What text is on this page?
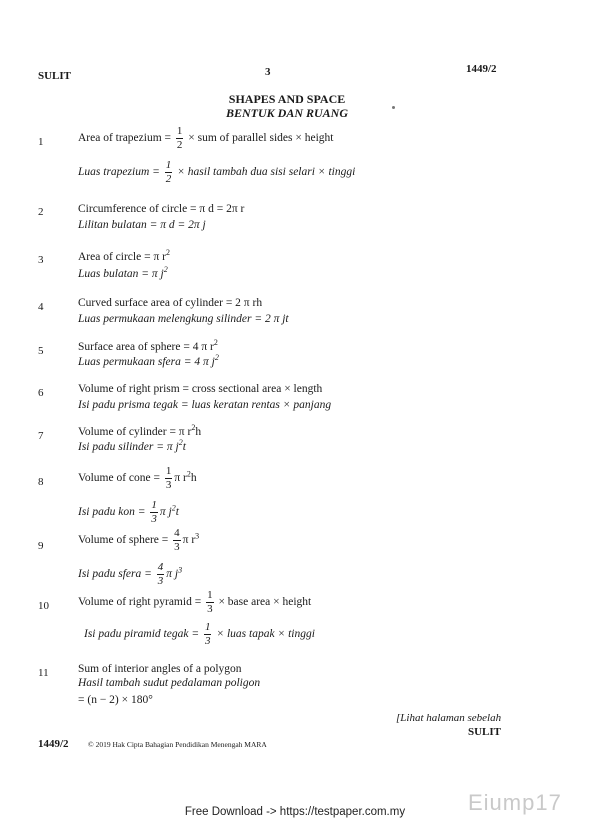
SULIT	3	1449/2
SHAPES AND SPACE
BENTUK DAN RUANG
1	Area of trapezium = $\frac{1}{2}$ × sum of parallel sides × height
Luas trapezium = $\frac{1}{2}$ × hasil tambah dua sisi selari × tinggi
2	Circumference of circle = π d = 2π r
Lilitan bulatan = π d = 2π j
3	Area of circle = π $r^2$
Luas bulatan = π $j^2$
4	Curved surface area of cylinder = 2 π rh
Luas permukaan melengkung silinder = 2 π jt
5	Surface area of sphere = 4 π $r^2$
Luas permukaan sfera = 4 π $j^2$
6	Volume of right prism = cross sectional area × length
Isi padu prisma tegak = luas keratan rentas × panjang
7	Volume of cylinder = π $r^2h$
Isi padu silinder = π $j^2t$
8	Volume of cone = $\frac{1}{3}$ π $r^2h$
Isi padu kon = $\frac{1}{3}$ π $j^2t$
9	Volume of sphere = $\frac{4}{3}$ π $r^3$
Isi padu sfera = $\frac{4}{3}$ π $j^3$
10	Volume of right pyramid = $\frac{1}{3}$ × base area × height
Isi padu piramid tegak = $\frac{1}{3}$ × luas tapak × tinggi
11	Sum of interior angles of a polygon
Hasil tambah sudut pedalaman poligon
= (n − 2) × 180°
[Lihat halaman sebelah
SULIT
1449/2	© 2019 Hak Cipta Bahagian Pendidikan Menengah MARA
Eiump17
Free Download -> https://testpaper.com.my
